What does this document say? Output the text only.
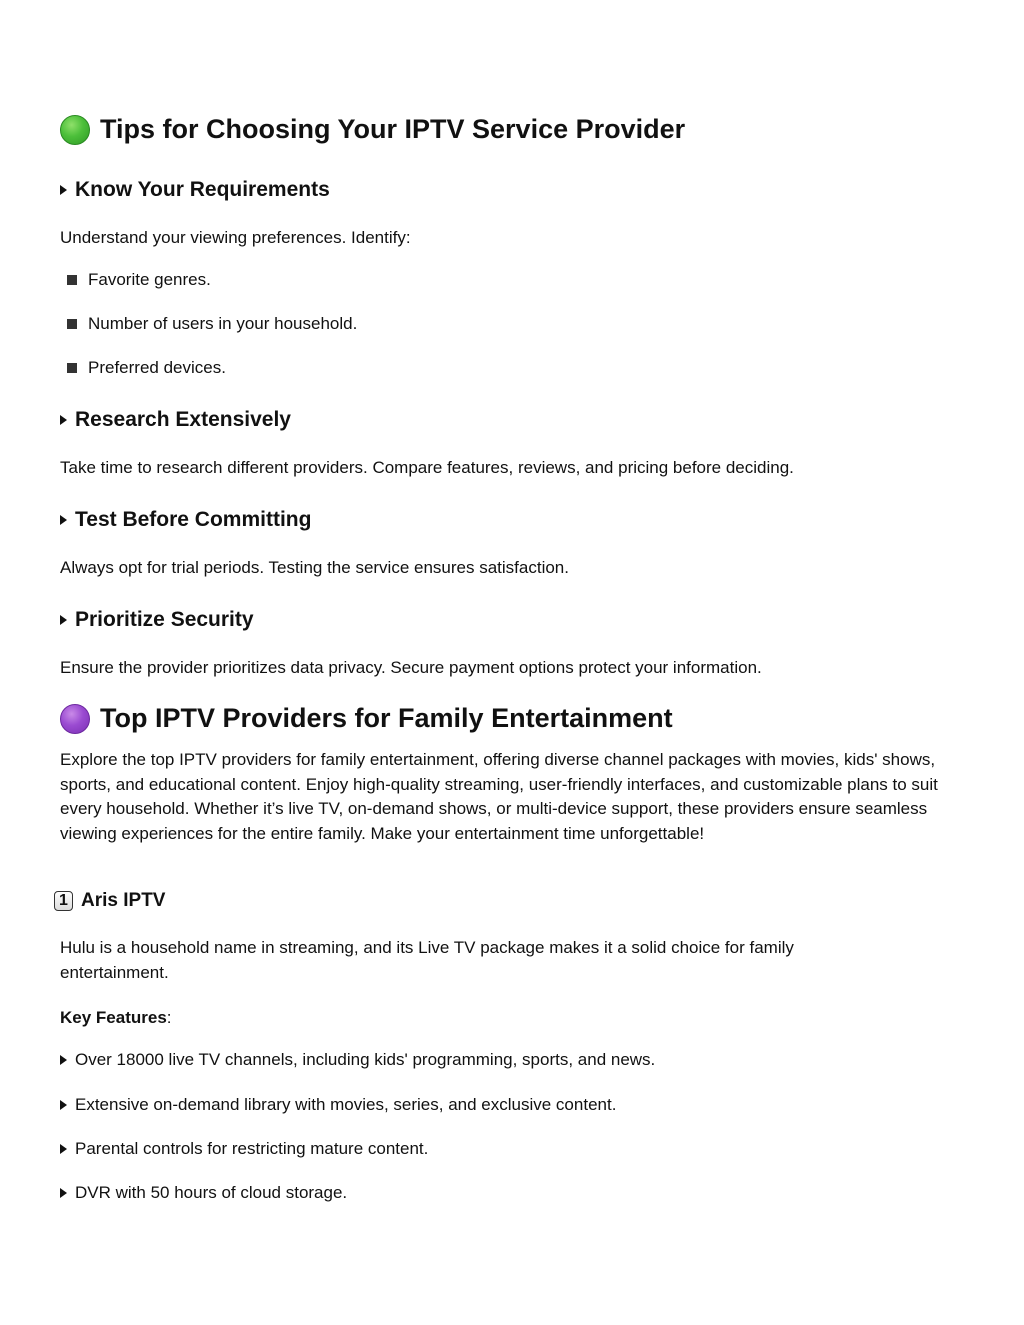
Tips for Choosing Your IPTV Service Provider
Know Your Requirements
Understand your viewing preferences. Identify:
Favorite genres.
Number of users in your household.
Preferred devices.
Research Extensively
Take time to research different providers. Compare features, reviews, and pricing before deciding.
Test Before Committing
Always opt for trial periods. Testing the service ensures satisfaction.
Prioritize Security
Ensure the provider prioritizes data privacy. Secure payment options protect your information.
Top IPTV Providers for Family Entertainment
Explore the top IPTV providers for family entertainment, offering diverse channel packages with movies, kids' shows, sports, and educational content. Enjoy high-quality streaming, user-friendly interfaces, and customizable plans to suit every household. Whether it’s live TV, on-demand shows, or multi-device support, these providers ensure seamless viewing experiences for the entire family. Make your entertainment time unforgettable!
1 Aris IPTV
Hulu is a household name in streaming, and its Live TV package makes it a solid choice for family entertainment.
Key Features:
Over 18000 live TV channels, including kids' programming, sports, and news.
Extensive on-demand library with movies, series, and exclusive content.
Parental controls for restricting mature content.
DVR with 50 hours of cloud storage.
